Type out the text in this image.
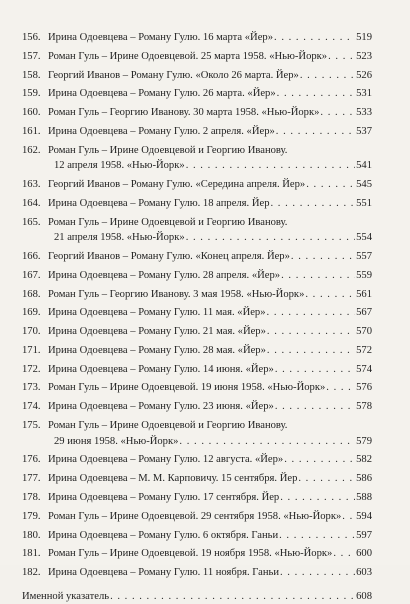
156. Ирина Одоевцева – Роману Гулю. 16 марта «Йер» . . .	519
157. Роман Гуль – Ирине Одоевцевой. 25 марта 1958. «Нью-Йорк» . . .	523
158. Георгий Иванов – Роману Гулю. «Около 26 марта. Йер» . . .	526
159. Ирина Одоевцева – Роману Гулю. 26 марта. «Йер» . . .	531
160. Роман Гуль – Георгию Иванову. 30 марта 1958. «Нью-Йорк» . . .	533
161. Ирина Одоевцева – Роману Гулю. 2 апреля. «Йер» . . .	537
162. Роман Гуль – Ирине Одоевцевой и Георгию Иванову.
12 апреля 1958. «Нью-Йорк» . . .	541
163. Георгий Иванов – Роману Гулю. «Середина апреля. Йер» . . .	545
164. Ирина Одоевцева – Роману Гулю. 18 апреля. Йер . . .	551
165. Роман Гуль – Ирине Одоевцевой и Георгию Иванову.
21 апреля 1958. «Нью-Йорк» . . .	554
166. Георгий Иванов – Роману Гулю. «Конец апреля. Йер» . . .	557
167. Ирина Одоевцева – Роману Гулю. 28 апреля. «Йер» . . .	559
168. Роман Гуль – Георгию Иванову. 3 мая 1958. «Нью-Йорк» . . .	561
169. Ирина Одоевцева – Роману Гулю. 11 мая. «Йер» . . .	567
170. Ирина Одоевцева – Роману Гулю. 21 мая. «Йер» . . .	570
171. Ирина Одоевцева – Роману Гулю. 28 мая. «Йер» . . .	572
172. Ирина Одоевцева – Роману Гулю. 14 июня. «Йер» . . .	574
173. Роман Гуль – Ирине Одоевцевой. 19 июня 1958. «Нью-Йорк» . . .	576
174. Ирина Одоевцева – Роману Гулю. 23 июня. «Йер» . . .	578
175. Роман Гуль – Ирине Одоевцевой и Георгию Иванову.
29 июня 1958. «Нью-Йорк» . . .	579
176. Ирина Одоевцева – Роману Гулю. 12 августа. «Йер» . . .	582
177. Ирина Одоевцева – М. М. Карповичу. 15 сентября. Йер . . .	586
178. Ирина Одоевцева – Роману Гулю. 17 сентября. Йер . . .	588
179. Роман Гуль – Ирине Одоевцевой. 29 сентября 1958. «Нью-Йорк» . . . 594
180. Ирина Одоевцева – Роману Гулю. 6 октября. Ганьи . . .	597
181. Роман Гуль – Ирине Одоевцевой. 19 ноября 1958. «Нью-Йорк» . . . 600
182. Ирина Одоевцева – Роману Гулю. 11 ноября. Ганьи . . .	603
Именной указатель . . .	608
